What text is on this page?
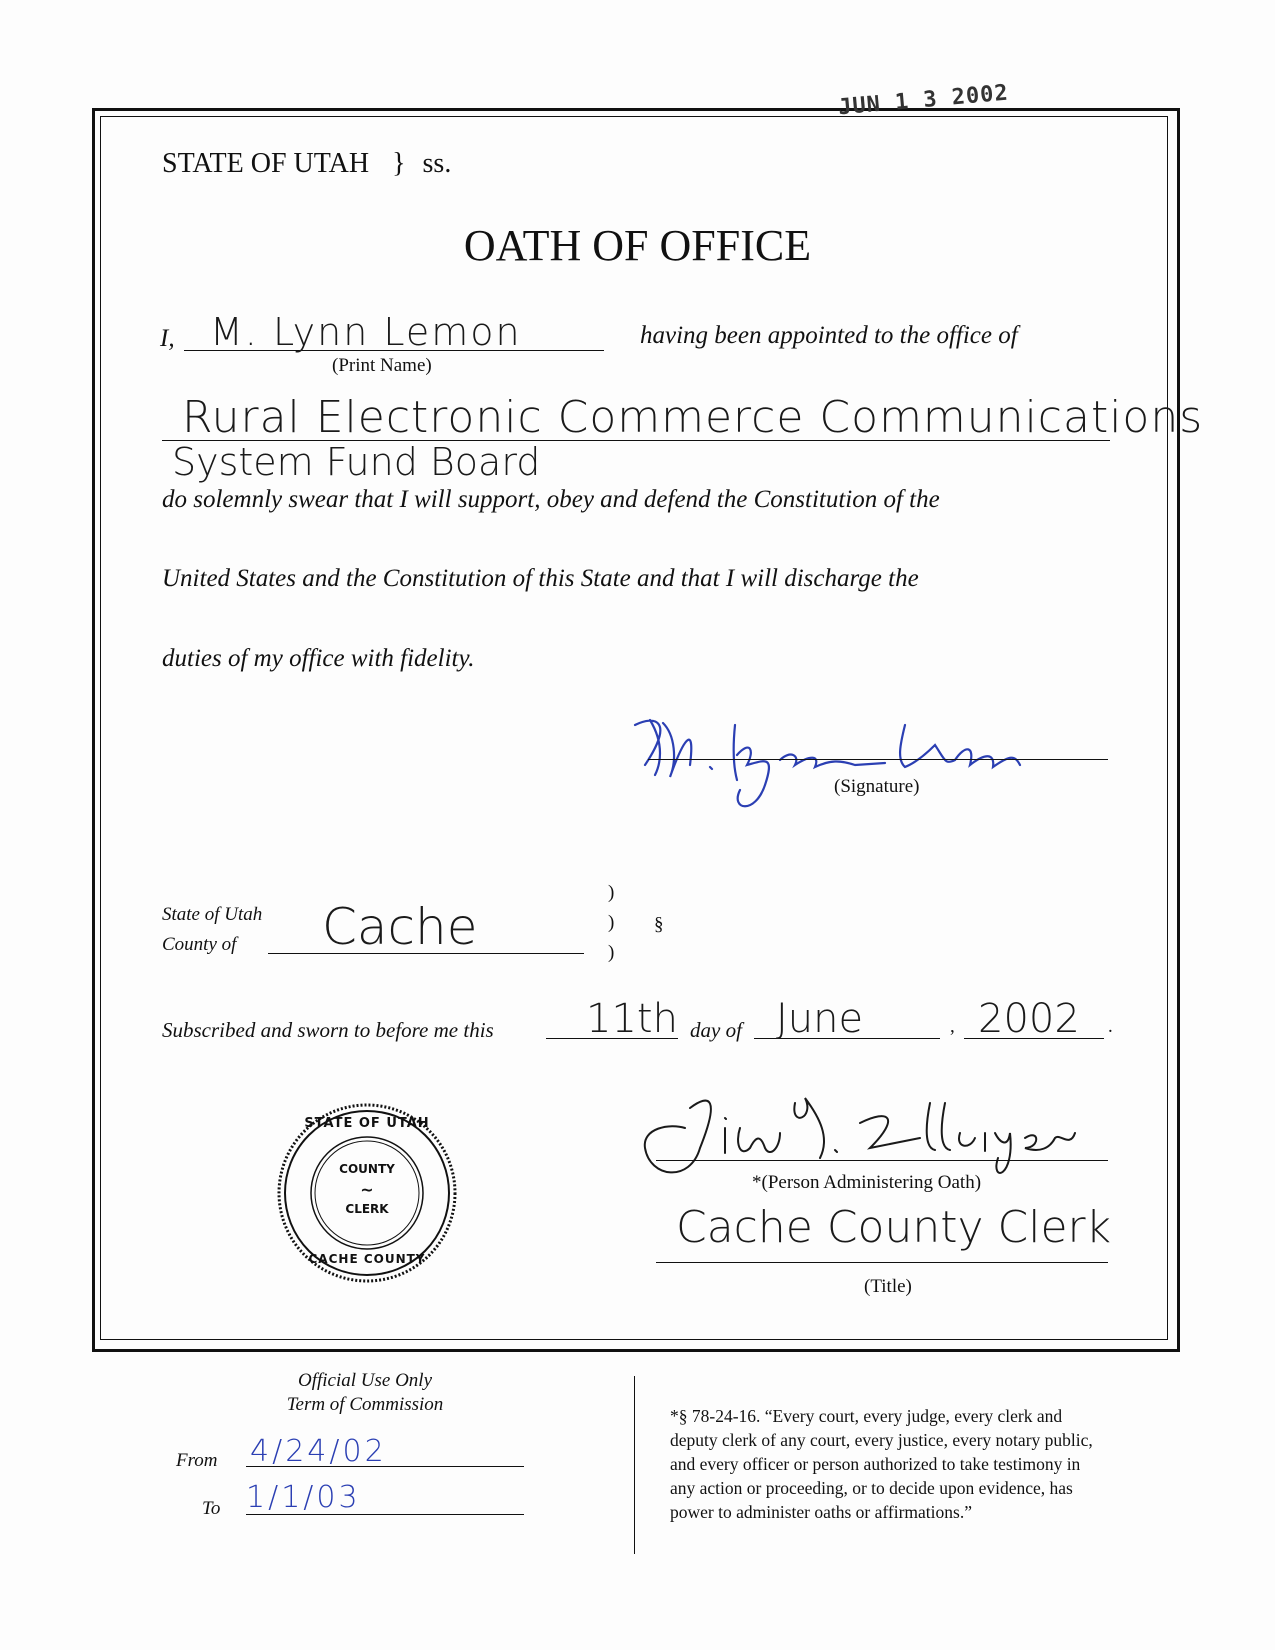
JUN 1 3 2002
STATE OF UTAH } ss.
OATH OF OFFICE
I, M. Lynn Lemon
(Print Name)
having been appointed to the office of
Rural Electronic Commerce Communications
System Fund Board
do solemnly swear that I will support, obey and defend the Constitution of the
United States and the Constitution of this State and that I will discharge the
duties of my office with fidelity.
(Signature)
State of Utah
County of Cache
)
)
)
§
Subscribed and sworn to before me this 11th day of June	, 2002 .
STATE OF UTAH
COUNTY
~
CLERK
CACHE COUNTY
*(Person Administering Oath)
Cache County Clerk
(Title)
Official Use Only
Term of Commission
From 4/24/02
To 1/1/03
*§ 78-24-16. “Every court, every judge, every clerk and
deputy clerk of any court, every justice, every notary public,
and every officer or person authorized to take testimony in
any action or proceeding, or to decide upon evidence, has
power to administer oaths or affirmations.”
